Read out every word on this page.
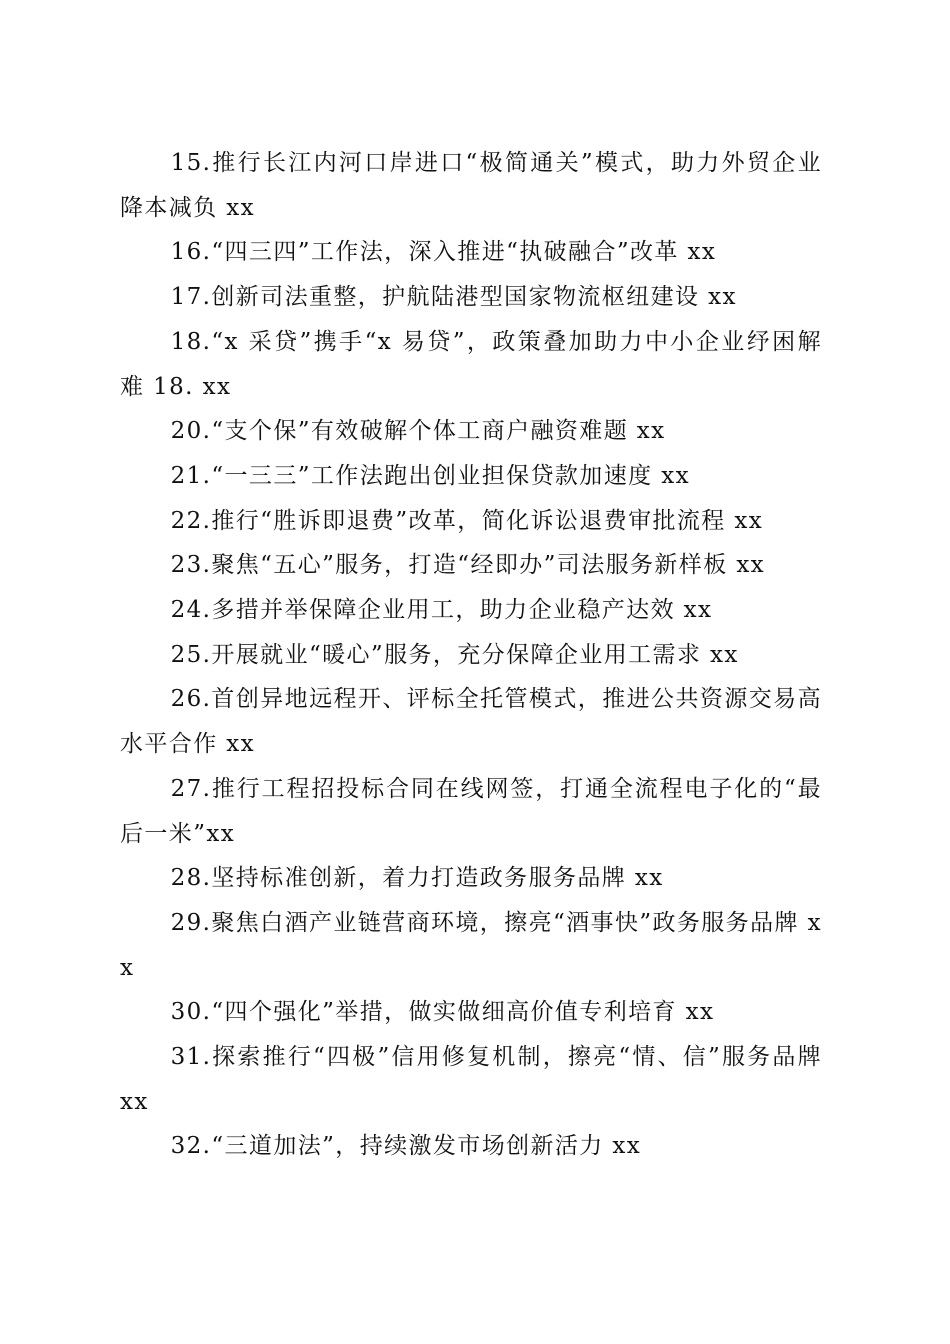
15.推行长江内河口岸进口“极简通关”模式，助力外贸企业降本减负 xx

16.“四三四”工作法，深入推进“执破融合”改革 xx

17.创新司法重整，护航陆港型国家物流枢纽建设 xx

18.“x 采贷”携手“x 易贷”，政策叠加助力中小企业纾困解难 18. xx

20.“支个保”有效破解个体工商户融资难题 xx

21.“一三三”工作法跑出创业担保贷款加速度 xx

22.推行“胜诉即退费”改革，简化诉讼退费审批流程 xx

23.聚焦“五心”服务，打造“经即办”司法服务新样板 xx

24.多措并举保障企业用工，助力企业稳产达效 xx

25.开展就业“暖心”服务，充分保障企业用工需求 xx

26.首创异地远程开、评标全托管模式，推进公共资源交易高水平合作 xx

27.推行工程招投标合同在线网签，打通全流程电子化的“最后一米”xx

28.坚持标准创新，着力打造政务服务品牌 xx

29.聚焦白酒产业链营商环境，擦亮“酒事快”政务服务品牌 xx

30.“四个强化”举措，做实做细高价值专利培育 xx

31.探索推行“四极”信用修复机制，擦亮“情、信”服务品牌 xx

32.“三道加法”，持续激发市场创新活力 xx
